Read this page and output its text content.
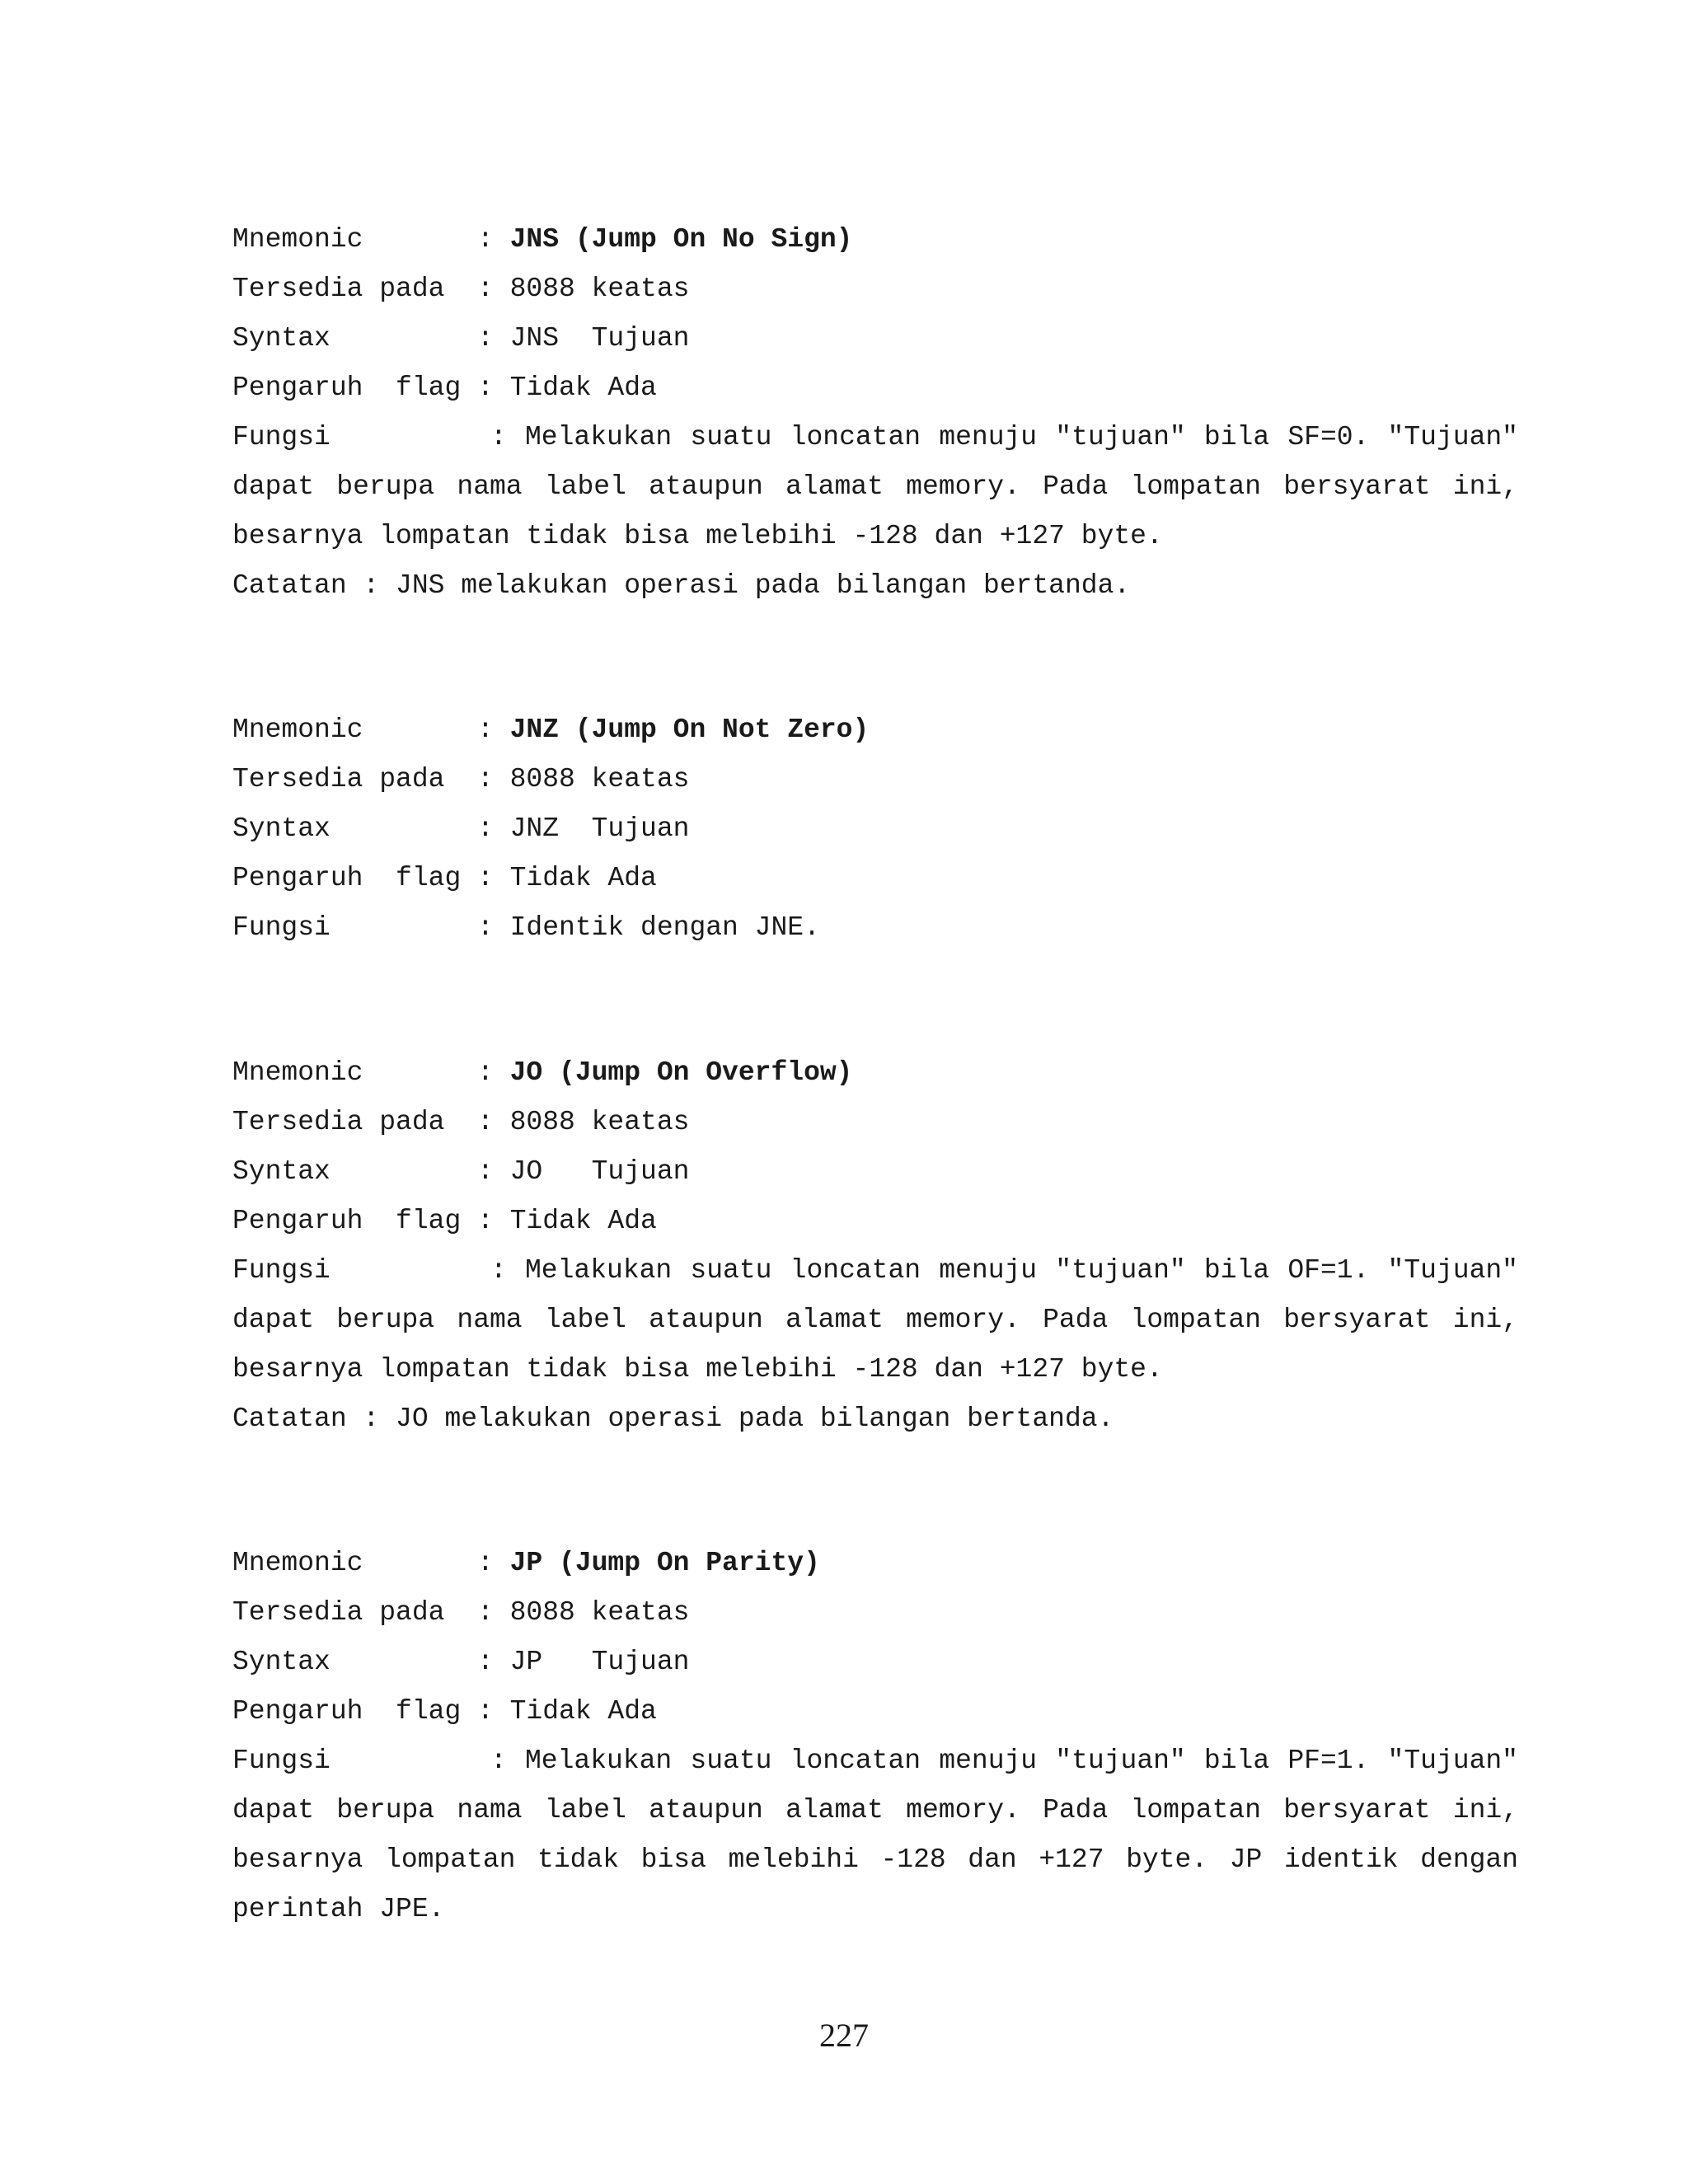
Mnemonic	: JNS (Jump On No Sign)
Tersedia pada	: 8088 keatas
Syntax	: JNS  Tujuan
Pengaruh  flag : Tidak Ada
Fungsi	: Melakukan suatu loncatan menuju "tujuan" bila SF=0. "Tujuan" dapat berupa nama label ataupun alamat memory. Pada lompatan bersyarat ini, besarnya lompatan tidak bisa melebihi -128 dan +127 byte.
Catatan : JNS melakukan operasi pada bilangan bertanda.
Mnemonic	: JNZ (Jump On Not Zero)
Tersedia pada	: 8088 keatas
Syntax	: JNZ  Tujuan
Pengaruh  flag : Tidak Ada
Fungsi	: Identik dengan JNE.
Mnemonic	: JO (Jump On Overflow)
Tersedia pada	: 8088 keatas
Syntax	: JO   Tujuan
Pengaruh  flag : Tidak Ada
Fungsi	: Melakukan suatu loncatan menuju "tujuan" bila OF=1. "Tujuan" dapat berupa nama label ataupun alamat memory. Pada lompatan bersyarat ini, besarnya lompatan tidak bisa melebihi -128 dan +127 byte.
Catatan : JO melakukan operasi pada bilangan bertanda.
Mnemonic	: JP (Jump On Parity)
Tersedia pada	: 8088 keatas
Syntax	: JP   Tujuan
Pengaruh  flag : Tidak Ada
Fungsi	: Melakukan suatu loncatan menuju "tujuan" bila PF=1. "Tujuan" dapat berupa nama label ataupun alamat memory. Pada lompatan bersyarat ini, besarnya lompatan tidak bisa melebihi -128 dan +127 byte. JP identik dengan perintah JPE.
227
